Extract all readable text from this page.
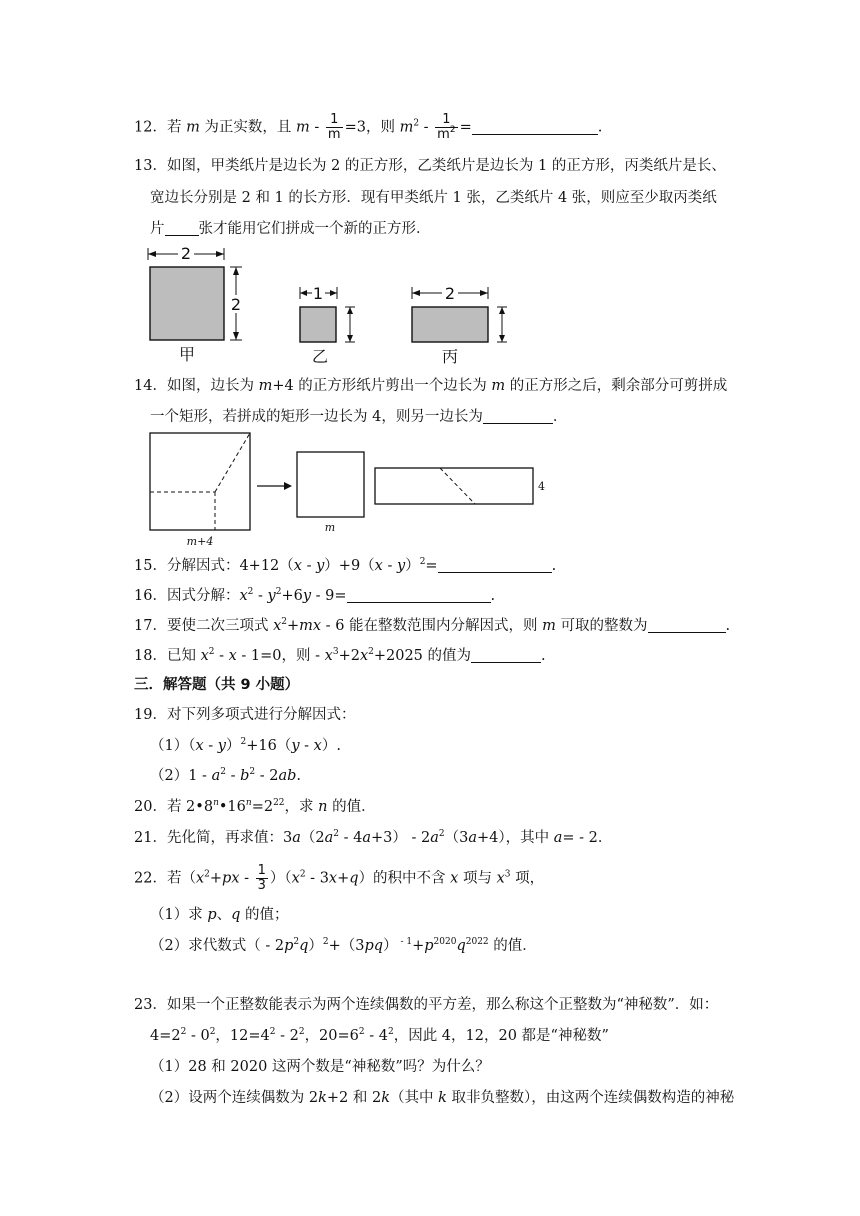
12．若 m 为正实数，且 $m - \frac{1}{m} =3$，则 $m^2 - \frac{1}{m^2}$ =	.
13．如图，甲类纸片是边长为 2 的正方形，乙类纸片是边长为 1 的正方形，丙类纸片是长、
宽边长分别是 2 和 1 的长方形．现有甲类纸片 1 张，乙类纸片 4 张，则应至少取丙类纸
片 张才能用它们拼成一个新的正方形．
2
2
甲
1
乙
2
丙
14．如图，边长为 m+4 的正方形纸片剪出一个边长为 m 的正方形之后，剩余部分可剪拼成
一个矩形，若拼成的矩形一边长为 4，则另一边长为	．
m+4
m
4
15．分解因式：4+12（x - y）+9（x - y）$^2$=	.
16．因式分解：$x^2 - y^2+6y - 9=$	.
17．要使二次三项式 $x^2+mx - 6$ 能在整数范围内分解因式，则 m 可取的整数为	.
18．已知 $x^2 - x - 1=0$，则 - $x^3+2x^2+2025$ 的值为	.
三．解答题（共 9 小题）
19．对下列多项式进行分解因式：
（1）（x - y）$^2$+16（y - x）.
$(2)1 - a^2 - b^2 - 2ab$.
20．若 $2•8^n•16^n=2^{22}$，求 n 的值．
21．先化简，再求值：$3a(2a^2 - 4a+3) - 2a^2(3a+4)$，其中 a= - 2．
22．若$(x^2+px - \frac{1}{3} )(x^2 - 3x+q)$的积中不含 x 项与 $x^3$ 项，
（1）求 p、q 的值；
（2）求代数式（ - $2p^2q)^2+(3pq)$ $^{- 1}+p^{2020}q^{2022}$ 的值．
23．如果一个正整数能表示为两个连续偶数的平方差，那么称这个正整数为“神秘数”．如：
$4=2^2 - 0^2$，$12=4^2 - 2^2$，$20=6^2 - 4^2$，因此 4，12，20 都是“神秘数”
（1）28 和 2020 这两个数是“神秘数”吗？为什么？
（2）设两个连续偶数为 2k+2 和 2k（其中 k 取非负整数），由这两个连续偶数构造的神秘
